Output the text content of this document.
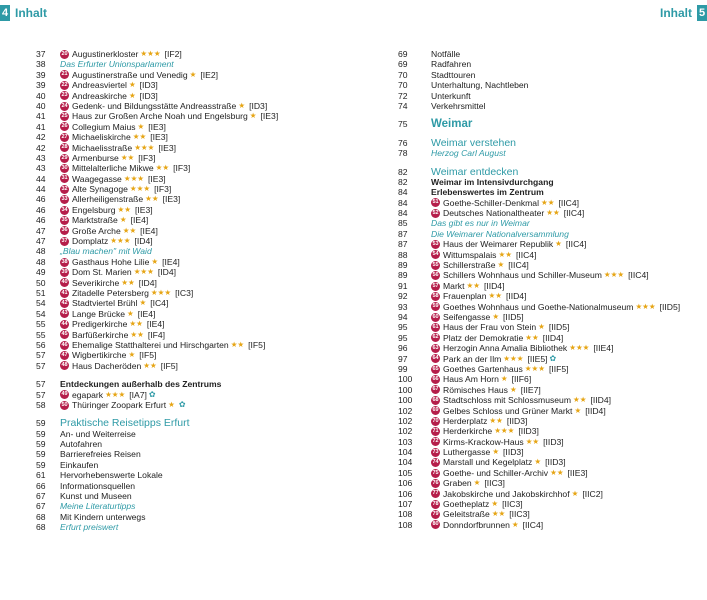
4 Inhalt	Inhalt 5
37	20 Augustinerkloster ★★★ [IF2]
38	Das Erfurter Unionsparlament
39	21 Augustinerstraße und Venedig ★ [IE2]
39	22 Andreasviertel ★ [ID3]
40	23 Andreaskirche ★ [ID3]
40	24 Gedenk- und Bildungsstätte Andreasstraße ★ [ID3]
41	25 Haus zur Großen Arche Noah und Engelsburg ★ [IE3]
41	26 Collegium Maius ★ [IE3]
42	27 Michaeliskirche ★★ [IE3]
42	28 Michaelisstraße ★★★ [IE3]
43	29 Armenburse ★★ [IF3]
43	30 Mittelalterliche Mikwe ★★ [IF3]
44	31 Waagegasse ★★★ [IE3]
44	32 Alte Synagoge ★★★ [IF3]
46	33 Allerheiligenstraße ★★ [IE3]
46	34 Engelsburg ★★ [IE3]
46	35 Marktstraße ★ [IE4]
47	36 Große Arche ★★ [IE4]
47	37 Domplatz ★★★ [ID4]
48	„Blau machen" mit Waid
48	38 Gasthaus Hohe Lilie ★ [IE4]
49	39 Dom St. Marien ★★★ [ID4]
50	40 Severikirche ★★ [ID4]
51	41 Zitadelle Petersberg ★★★ [IC3]
54	42 Stadtviertel Brühl ★ [IC4]
54	43 Lange Brücke ★ [IE4]
55	44 Predigerkirche ★★ [IE4]
55	45 Barfüßerkirche ★★ [IF4]
56	46 Ehemalige Statthalterei und Hirschgarten ★★ [IF5]
57	47 Wigbertikirche ★ [IF5]
57	48 Haus Dacheröden ★★ [IF5]
57	Entdeckungen außerhalb des Zentrums
57	49 egapark ★★★ [IA7] ✿
58	50 Thüringer Zoopark Erfurt ★ ✿
59	Praktische Reisetipps Erfurt
59	An- und Weiterreise
59	Autofahren
59	Barrierefreies Reisen
59	Einkaufen
61	Hervorhebenswerte Lokale
66	Informationsquellen
67	Kunst und Museen
67	Meine Literaturtipps
68	Mit Kindern unterwegs
68	Erfurt preiswert
69	Notfälle
69	Radfahren
70	Stadttouren
70	Unterhaltung, Nachtleben
72	Unterkunft
74	Verkehrsmittel
75	Weimar
76	Weimar verstehen
78	Herzog Carl August
82	Weimar entdecken
82	Weimar im Intensivdurchgang
84	Erlebenswertes im Zentrum
84	51 Goethe-Schiller-Denkmal ★★ [IIC4]
84	52 Deutsches Nationaltheater ★★ [IIC4]
85	Das gibt es nur in Weimar
87	Die Weimarer Nationalversammlung
87	53 Haus der Weimarer Republik ★ [IIC4]
88	54 Wittumspalais ★★ [IIC4]
89	55 Schillerstraße ★ [IIC4]
89	56 Schillers Wohnhaus und Schiller-Museum ★★★ [IIC4]
91	57 Markt ★★ [IID4]
92	58 Frauenplan ★★ [IID4]
93	59 Goethes Wohnhaus und Goethe-Nationalmuseum ★★★ [IID5]
94	60 Seifengasse ★ [IID5]
95	61 Haus der Frau von Stein ★ [IID5]
95	62 Platz der Demokratie ★★ [IID4]
96	63 Herzogin Anna Amalia Bibliothek ★★★ [IIE4]
97	64 Park an der Ilm ★★★ [IIE5] ✿
99	65 Goethes Gartenhaus ★★★ [IIF5]
100	66 Haus Am Horn ★ [IIF6]
100	67 Römisches Haus ★ [IIE7]
100	68 Stadtschloss mit Schlossmuseum ★★ [IID4]
102	69 Gelbes Schloss und Grüner Markt ★ [IID4]
102	70 Herderplatz ★★ [IID3]
102	71 Herderkirche ★★★ [IID3]
103	72 Kirms-Krackow-Haus ★★ [IID3]
104	73 Luthergasse ★ [IID3]
104	74 Marstall und Kegelplatz ★ [IID3]
105	75 Goethe- und Schiller-Archiv ★★ [IIE3]
106	76 Graben ★ [IIC3]
106	77 Jakobskirche und Jakobskirchhof ★ [IIC2]
107	78 Goetheplatz ★ [IIC3]
108	79 Geleitstraße ★★ [IIC3]
108	80 Donndorfbrunnen ★ [IIC4]
